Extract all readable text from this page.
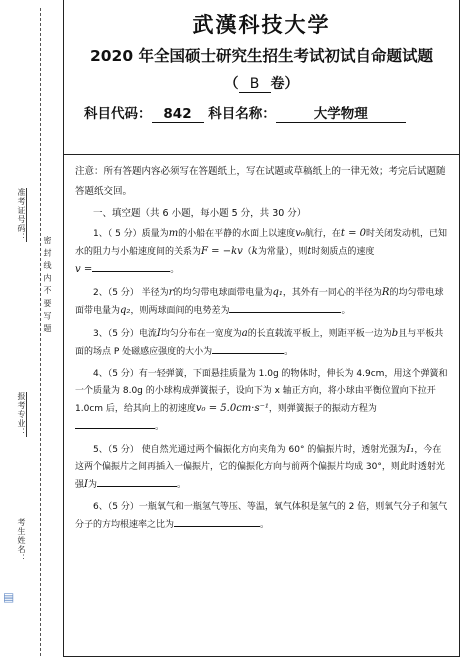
准考证号码：
密 封 线 内 不 要 写 题
报考专业：
考生姓名：
▤
武漢科技大学
2020 年全国硕士研究生招生考试初试自命题试题
（ B 卷）
科目代码： 842 科目名称：	大学物理

注意：所有答题内容必须写在答题纸上，写在试题或草稿纸上的一律无效；考完后试题随答题纸交回。

一、填空题（共 6 小题，每小题 5 分，共 30 分）

1、（ 5 分）质量为m的小船在平静的水面上以速度v₀航行，在t = 0时关闭发动机，已知水的阻力与小船速度间的关系为F = −kv（k为常量），则t时刻质点的速度
v =	。

2、（5 分） 半径为r的均匀带电球面带电量为q₁，其外有一同心的半径为R的均匀带电球面带电量为q₂，则两球面间的电势差为	。

3、（5 分）电流I均匀分布在一宽度为a的长直载流平板上，则距平板一边为b且与平板共面的场点 P 处磁感应强度的大小为	。

4、（5 分）有一轻弹簧，下面悬挂质量为 1.0g 的物体时，伸长为 4.9cm，用这个弹簧和一个质量为 8.0g 的小球构成弹簧振子，设向下为 x 轴正方向，将小球由平衡位置向下拉开 1.0cm 后，给其向上的初速度v₀ = 5.0cm·s⁻¹，则弹簧振子的振动方程为。

5、（5 分） 使自然光通过两个偏振化方向夹角为 60° 的偏振片时，透射光强为I₁，今在这两个偏振片之间再插入一偏振片，它的偏振化方向与前两个偏振片均成 30°，则此时透射光强I为	。

6、（5 分）一瓶氧气和一瓶氢气等压、等温，氧气体积是氢气的 2 倍，则氧气分子和氢气分子的方均根速率之比为	。
